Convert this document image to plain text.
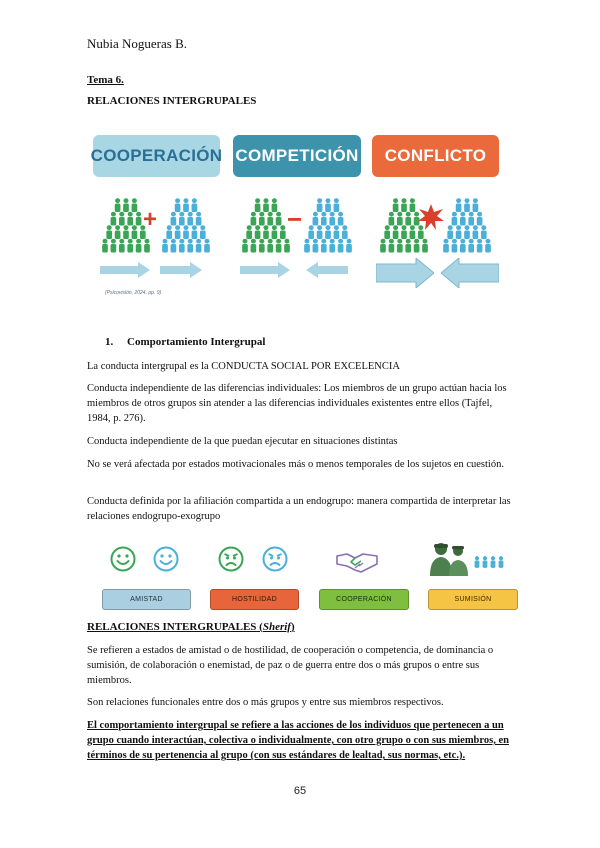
Nubia Nogueras B.
Tema 6.
RELACIONES INTERGRUPALES
COOPERACIÓN COMPETICIÓN	CONFLICTO
+	−
(Psicovisión, 2024, pp. 9)
1. Comportamiento Intergrupal

La conducta intergrupal es la CONDUCTA SOCIAL POR EXCELENCIA

Conducta independiente de las diferencias individuales: Los miembros de un grupo actúan hacia los miembros de otros grupos sin atender a las diferencias individuales existentes entre ellos (Tajfel, 1984, p. 276).

Conducta independiente de la que puedan ejecutar en situaciones distintas

No se verá afectada por estados motivacionales más o menos temporales de los sujetos en cuestión.

Conducta definida por la afiliación compartida a un endogrupo: manera compartida de interpretar las relaciones endogrupo-exogrupo

AMISTAD	HOSTILIDAD	COOPERACIÓN	SUMISIÓN
RELACIONES INTERGRUPALES (Sherif)

Se refieren a estados de amistad o de hostilidad, de cooperación o competencia, de dominancia o sumisión, de colaboración o enemistad, de paz o de guerra entre dos o más grupos o entre sus miembros.

Son relaciones funcionales entre dos o más grupos y entre sus miembros respectivos.

El comportamiento intergrupal se refiere a las acciones de los individuos que pertenecen a un grupo cuando interactúan, colectiva o individualmente, con otro grupo o con sus miembros, en términos de su pertenencia al grupo (con sus estándares de lealtad, sus normas, etc.).

65
